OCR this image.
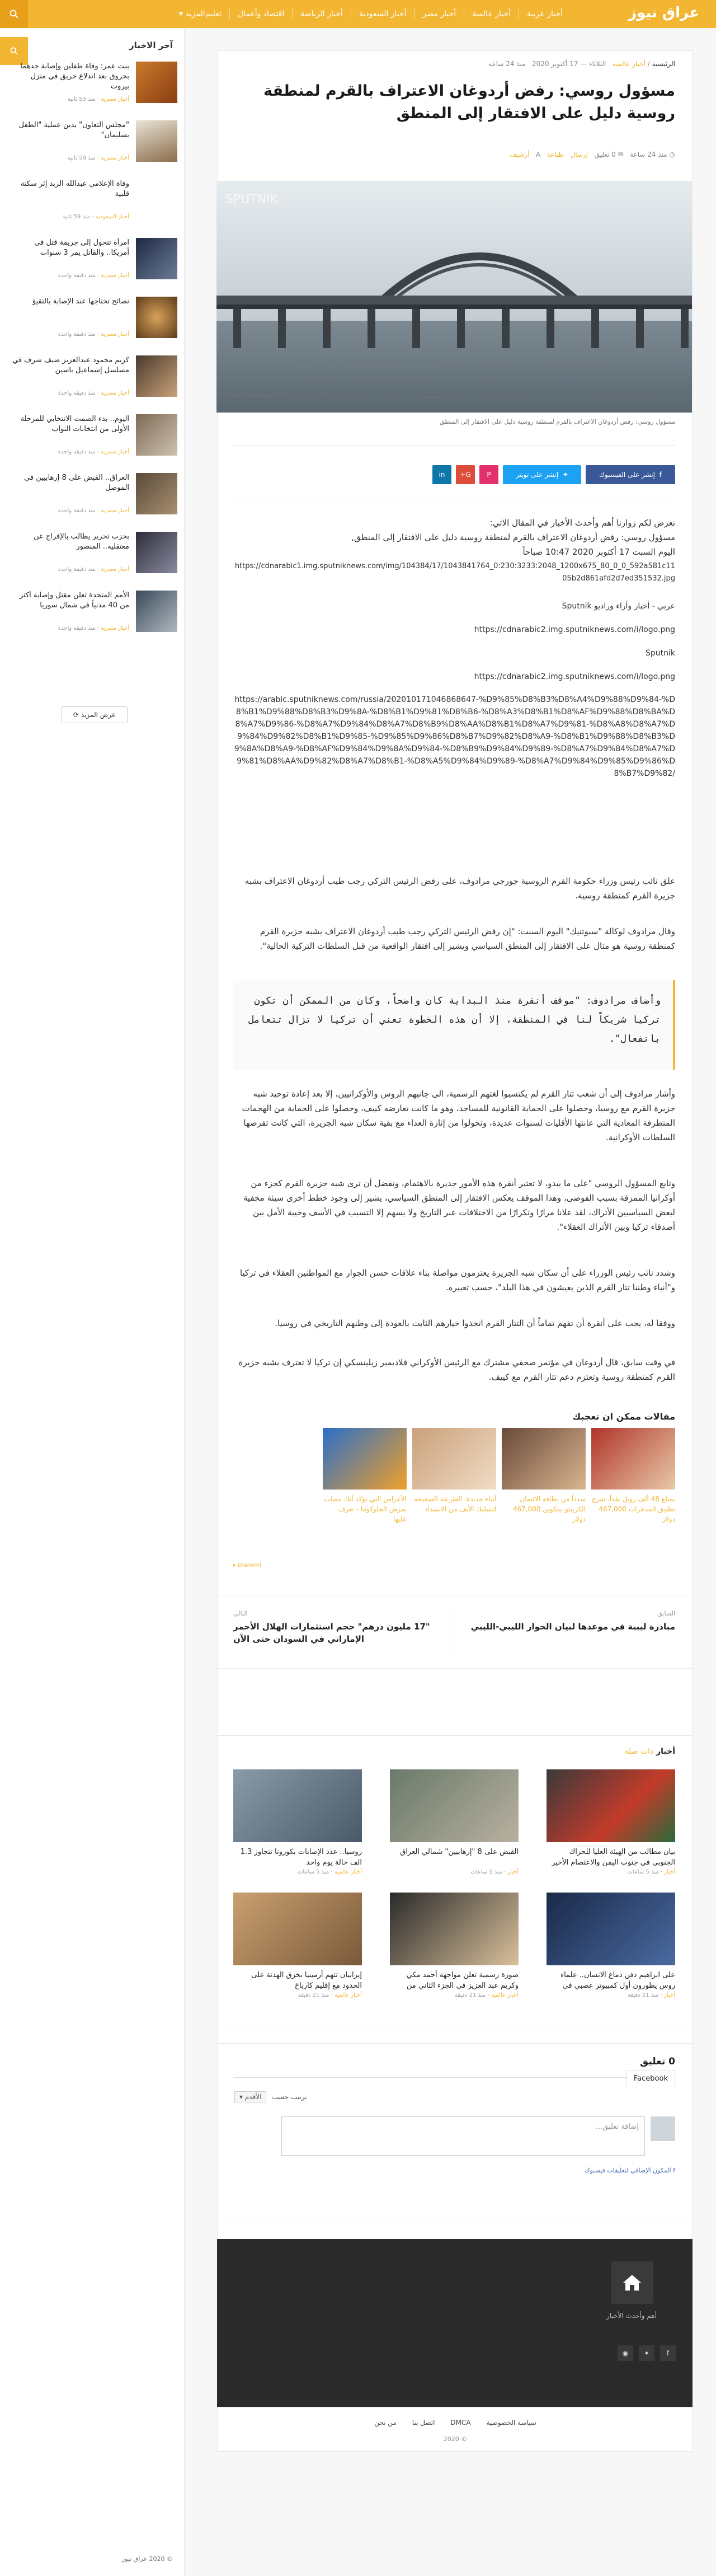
عراق نيوز
أخبار عربية
أخبار عالمية
أخبار مصر
أخبار السعودية
أخبار الرياضة
اقتصاد وأعمال
تعليم
المزيد ▾
آخر الاخبار
بنت عمر: وفاة طفلين وإصابة جدهما بحروق بعد اندلاع حريق في منزل بيروت
أخبار مصرية · منذ 53 ثانية
"مجلس التعاون" يدين عملية "الطفل بسليمان"
أخبار مصرية · منذ 59 ثانية
وفاة الإعلامي عبدالله الزيد إثر سكتة قلبية
أخبار السعودية · منذ 59 ثانية
امرأة تتحول إلى جريمة قتل في أمريكا.. والقاتل يمر 3 سنوات
أخبار مصرية · منذ دقيقة واحدة
نصائح تحتاجها عند الإصابة بالتقيؤ
أخبار مصرية · منذ دقيقة واحدة
كريم محمود عبدالعزيز ضيف شرف في مسلسل إسماعيل ياسين
أخبار مصرية · منذ دقيقة واحدة
اليوم.. بدء الصمت الانتخابي للمرحلة الأولى من انتخابات النواب
أخبار مصرية · منذ دقيقة واحدة
العراق.. القبض على 8 إرهابيين في الموصل
أخبار مصرية · منذ دقيقة واحدة
بحزب تحرير يطالب بالإفراج عن معتقليه.. المنصور
أخبار مصرية · منذ دقيقة واحدة
الأمم المتحدة تعلن مقتل وإصابة أكثر من 40 مدنياً في شمال سوريا
أخبار مصرية · منذ دقيقة واحدة
عرض المزيد

⟳
© 2020 عراق نيوز
الرئيسية / أخبار عالمية   الثلاثاء — 17 أكتوبر 2020   منذ 24 ساعة
مسؤول روسي: رفض أردوغان الاعتراف بالقرم لمنطقة روسية دليل على الافتقار إلى المنطق
◷ منذ 24 ساعة   ✉ 0 تعليق   إرسال   طباعة   A   أرشيف
SPUTNIK
مسؤول روسي: رفض أردوغان الاعتراف بالقرم لمنطقة روسية دليل على الافتقار إلى المنطق
f

إنشر على الفيسبوك
✦

إنشر على تويتر
P
G+
in
نعرض لكم زوارنا أهم وأحدث الأخبار في المقال الاتي:
مسؤول روسي: رفض أردوغان الاعتراف بالقرم لمنطقة روسية دليل على الافتقار إلى المنطق,
اليوم السبت 17 أكتوبر 2020 10:47 صباحاً
https://cdnarabic1.img.sputniknews.com/img/104384/17/1043841764_0:230:3233:2048_1200x675_80_0_0_592a581c1105b2d861afd2d7ed351532.jpg
عربي - أخبار وأراء وراديو Sputnik
https://cdnarabic2.img.sputniknews.com/i/logo.png
Sputnik
https://cdnarabic2.img.sputniknews.com/i/logo.png
https://arabic.sputniknews.com/russia/202010171046868647-%D9%85%D8%B3%D8%A4%D9%88%D9%84-%D8%B1%D9%88%D8%B3%D9%8A-%D8%B1%D9%81%D8%B6-%D8%A3%D8%B1%D8%AF%D9%88%D8%BA%D8%A7%D9%86-%D8%A7%D9%84%D8%A7%D8%B9%D8%AA%D8%B1%D8%A7%D9%81-%D8%A8%D8%A7%D9%84%D9%82%D8%B1%D9%85-%D9%85%D9%86%D8%B7%D9%82%D8%A9-%D8%B1%D9%88%D8%B3%D9%8A%D8%A9-%D8%AF%D9%84%D9%8A%D9%84-%D8%B9%D9%84%D9%89-%D8%A7%D9%84%D8%A7%D9%81%D8%AA%D9%82%D8%A7%D8%B1-%D8%A5%D9%84%D9%89-%D8%A7%D9%84%D9%85%D9%86%D8%B7%D9%82/
علق نائب رئيس وزراء حكومة القرم الروسية جورجي مرادوف، على رفض الرئيس التركي رجب طيب أردوغان الاعتراف بشبه جزيرة القرم كمنطقة روسية.
وقال مرادوف لوكالة "سبوتنيك" اليوم السبت: "إن رفض الرئيس التركي رجب طيب أردوغان الاعتراف بشبه جزيرة القرم كمنطقة روسية هو مثال على الافتقار إلى المنطق السياسي ويشير إلى افتقار الواقعية من قبل السلطات التركية الحالية".
وأضاف مرادوف: "موقف أنقرة منذ البداية كان واضحاً، وكان من الممكن أن تكون تركيا شريكاً لنا في المنطقة، إلا أن هذه الخطوة تعني أن تركيا لا تزال تتعامل بانفعال".
وأشار مرادوف إلى أن شعب تتار القرم لم يكتسبوا لغتهم الرسمية، الى جانبهم الروس والأوكرانيين، إلا بعد إعادة توحيد شبه جزيرة القرم مع روسيا، وحصلوا على الحماية القانونية للمساجد، وهو ما كانت تعارضه كييف، وحصلوا على الحماية من الهجمات المتطرفة المعادية التي عانتها الأقليات لسنوات عديدة، وتحولوا من إثارة العداء مع بقية سكان شبه الجزيرة، التي كانت تفرضها السلطات الأوكرانية.
وتابع المسؤول الروسي "على ما يبدو، لا تعتبر أنقرة هذه الأمور جديرة بالاهتمام، وتفضل أن ترى شبه جزيرة القرم كجزء من أوكرانيا الممزقة بسبب الفوضى، وهذا الموقف يعكس الافتقار إلى المنطق السياسي، يشير إلى وجود خطط أخرى سيئة مخفية لبعض السياسيين الأتراك، لقد علانا مرارًا وتكرارًا من الاختلافات عبر التاريخ ولا يسهم إلا التسبب في الأسف وخيبة الأمل بين أصدقاء تركيا وبين الأتراك العقلاء".
وشدد نائب رئيس الوزراء على أن سكان شبه الجزيرة يعتزمون مواصلة بناء علاقات حسن الجوار مع المواطنين العقلاء في تركيا و"أنباء وطننا تتار القرم الذين يعيشون في هذا البلد"، حسب تعبيره.
ووفقا له، يجب على أنقرة أن تفهم تماماً أن التتار القرم اتخذوا خيارهم الثابت بالعودة إلى وطنهم التاريخي في روسيا.
في وقت سابق، قال أردوغان في مؤتمر صحفي مشترك مع الرئيس الأوكراني فلاديمير زيلينسكي إن تركيا لا تعترف بشبه جزيرة القرم كمنطقة روسية وتعتزم دعم تتار القرم مع كييف.
مقالات ممكن ان تعجبك
بمبلغ 48 ألف روبل نقداً. شرح تطبيق المدخرات 467,000 دولار
سدداً من بطاقة الائتمان الكريبتو بيتكوين 467,000 دولار
أنباء جديدة: الطريقة الصحيحة لتسليك الأنف من الانسداد
الأعراض التي تؤكد أنك مصاب بمرض الجلوكوما - تعرف عليها
Dianomi ▸
السابق
مبادرة ليبية في موعدها لبيان الحوار الليبي-الليبي
التالي
"17 مليون درهم" حجم استثمارات الهلال الأحمر الإماراتي في السودان حتى الآن
أخبار ذات صلة
بيان مطالب من الهيئة العليا للحراك الجنوبي في جنوب اليمن والاعتصام الأخير
أخبار · منذ 5 ساعات
القبض على 8 "إرهابيين" شمالي العراق
أخبار · منذ 5 ساعات
روسيا.. عدد الإصابات بكورونا تتجاوز 1.3 الف حالة يوم واحد
أخبار عالمية · منذ 5 ساعات
على ابراهيم دفن دماغ الانسان.. علماء روس يطورون أول كمبيوتر عصبي في
أخبار · منذ 21 دقيقة
صورة رسمية تعلن مواجهة أحمد مكي وكريم عبد العزيز في الجزء الثاني من
أخبار عالمية · منذ 21 دقيقة
إيرانيان تتهم أرمينيا بخرق الهدنة على الحدود مع إقليم كارباخ
أخبار عالمية · منذ 21 دقيقة
0 تعليق
Facebook
ترتيب حسب الأقدم ▾
إضافة تعليق...
f المكون الإضافي لتعليقات فيسبوك
أهم وأحدث الأخبار
f
✦
◉
سياسة الخصوصية
DMCA
اتصل بنا
من نحن
© 2020
